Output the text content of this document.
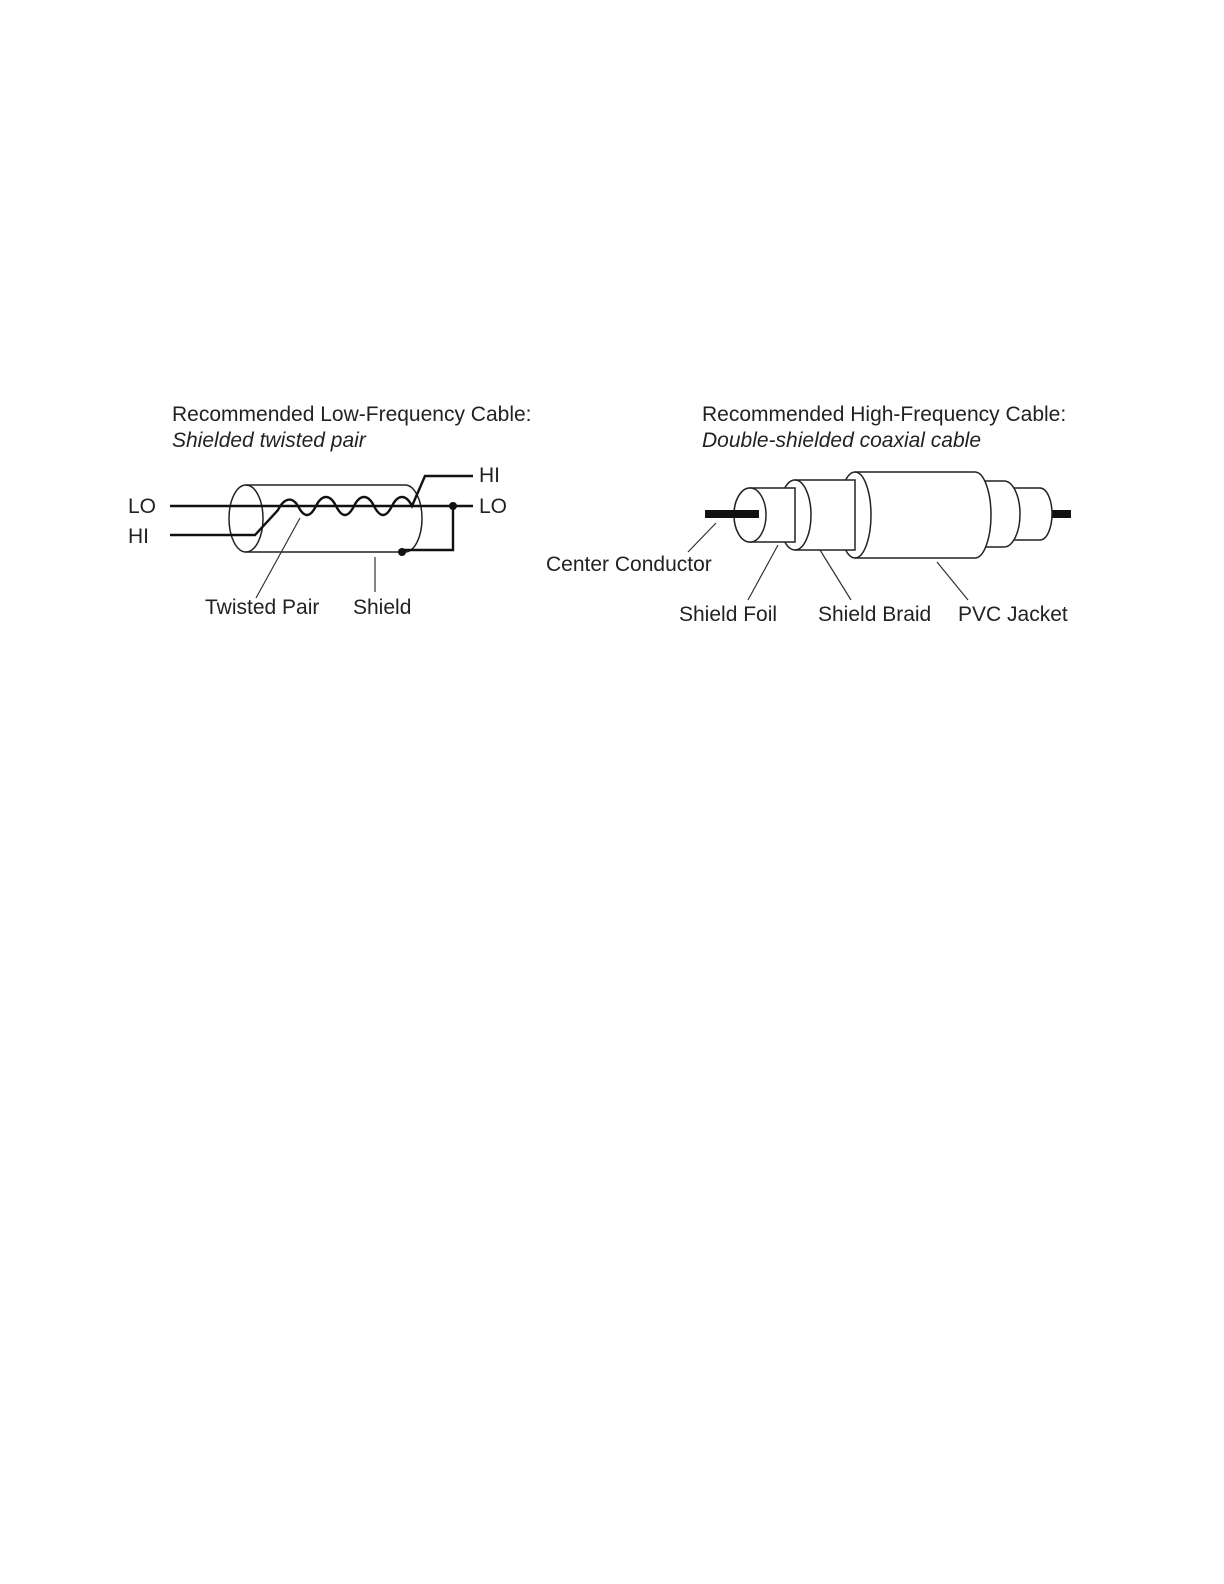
Recommended Low-Frequency Cable:
Shielded twisted pair
LO
HI
HI
LO
Twisted Pair Shield
Recommended High-Frequency Cable:
Double-shielded coaxial cable
Center Conductor
Shield Foil Shield Braid PVC Jacket
